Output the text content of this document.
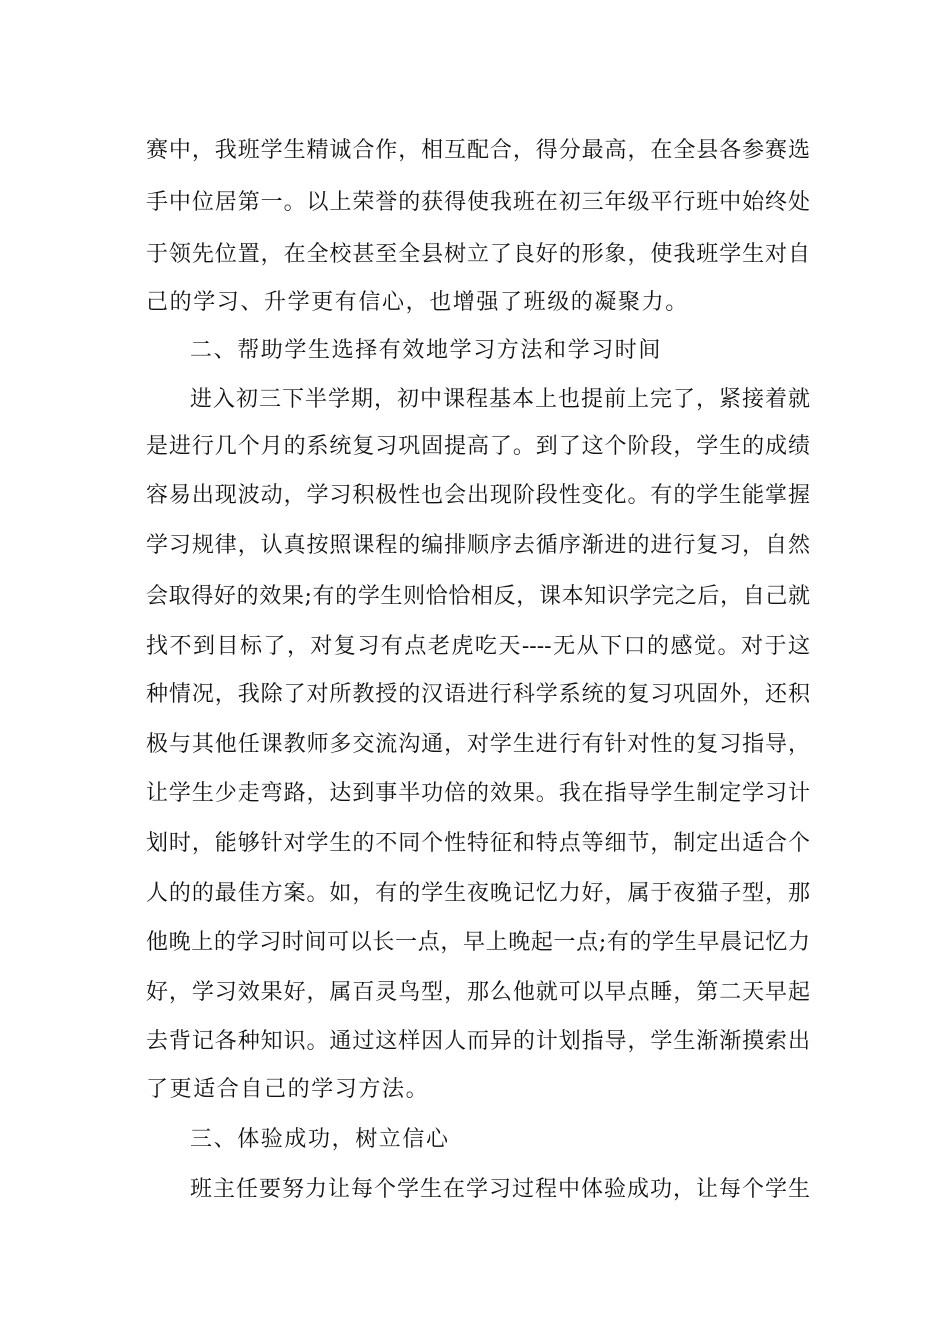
赛中，我班学生精诚合作，相互配合，得分最高，在全县各参赛选
手中位居第一。以上荣誉的获得使我班在初三年级平行班中始终处
于领先位置，在全校甚至全县树立了良好的形象，使我班学生对自
己的学习、升学更有信心，也增强了班级的凝聚力。
二、帮助学生选择有效地学习方法和学习时间
进入初三下半学期，初中课程基本上也提前上完了，紧接着就
是进行几个月的系统复习巩固提高了。到了这个阶段，学生的成绩
容易出现波动，学习积极性也会出现阶段性变化。有的学生能掌握
学习规律，认真按照课程的编排顺序去循序渐进的进行复习，自然
会取得好的效果;有的学生则恰恰相反，课本知识学完之后，自己就
找不到目标了，对复习有点老虎吃天----无从下口的感觉。对于这
种情况，我除了对所教授的汉语进行科学系统的复习巩固外，还积
极与其他任课教师多交流沟通，对学生进行有针对性的复习指导，
让学生少走弯路，达到事半功倍的效果。我在指导学生制定学习计
划时，能够针对学生的不同个性特征和特点等细节，制定出适合个
人的的最佳方案。如，有的学生夜晚记忆力好，属于夜猫子型，那
他晚上的学习时间可以长一点，早上晚起一点;有的学生早晨记忆力
好，学习效果好，属百灵鸟型，那么他就可以早点睡，第二天早起
去背记各种知识。通过这样因人而异的计划指导，学生渐渐摸索出
了更适合自己的学习方法。
三、体验成功，树立信心
班主任要努力让每个学生在学习过程中体验成功，让每个学生
